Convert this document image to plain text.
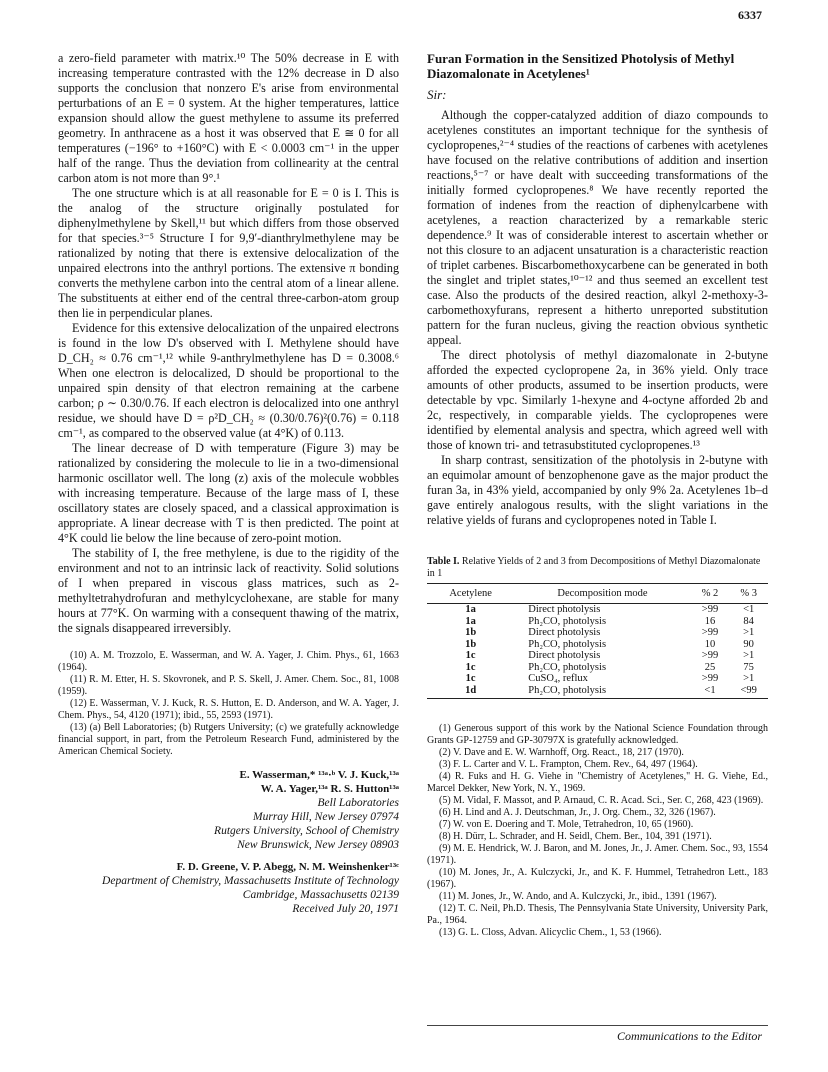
6337

a zero-field parameter with matrix.¹⁰ The 50% decrease in E with increasing temperature contrasted with the 12% decrease in D also supports the conclusion that nonzero E's arise from environmental perturbations of an E = 0 system. At the higher temperatures, lattice expansion should allow the guest methylene to assume its preferred geometry. In anthracene as a host it was observed that E ≅ 0 for all temperatures (−196° to +160°C) with E < 0.0003 cm⁻¹ in the upper half of the range. Thus the deviation from collinearity at the central carbon atom is not more than 9°.¹

The one structure which is at all reasonable for E = 0 is I. This is the analog of the structure originally postulated for diphenylmethylene by Skell,¹¹ but which differs from those observed for that species.³⁻⁵ Structure I for 9,9′-dianthrylmethylene may be rationalized by noting that there is extensive delocalization of the unpaired electrons into the anthryl portions. The extensive π bonding converts the methylene carbon into the central atom of a linear allene. The substituents at either end of the central three-carbon-atom group then lie in perpendicular planes.

Evidence for this extensive delocalization of the unpaired electrons is found in the low D's observed with I. Methylene should have D_CH₂ ≈ 0.76 cm⁻¹,¹² while 9-anthrylmethylene has D = 0.3008.⁶ When one electron is delocalized, D should be proportional to the unpaired spin density of that electron remaining at the carbene carbon; ρ ∼ 0.30/0.76. If each electron is delocalized into one anthryl residue, we should have D = ρ²D_CH₂ ≈ (0.30/0.76)²(0.76) = 0.118 cm⁻¹, as compared to the observed value (at 4°K) of 0.113.

The linear decrease of D with temperature (Figure 3) may be rationalized by considering the molecule to lie in a two-dimensional harmonic oscillator well. The long (z) axis of the molecule wobbles with increasing temperature. Because of the large mass of I, these oscillatory states are closely spaced, and a classical approximation is appropriate. A linear decrease with T is then predicted. The point at 4°K could lie below the line because of zero-point motion.

The stability of I, the free methylene, is due to the rigidity of the environment and not to an intrinsic lack of reactivity. Solid solutions of I when prepared in viscous glass matrices, such as 2-methyltetrahydrofuran and methylcyclohexane, are stable for many hours at 77°K. On warming with a consequent thawing of the matrix, the signals disappeared irreversibly.

(10) A. M. Trozzolo, E. Wasserman, and W. A. Yager, J. Chim. Phys., 61, 1663 (1964).
(11) R. M. Etter, H. S. Skovronek, and P. S. Skell, J. Amer. Chem. Soc., 81, 1008 (1959).
(12) E. Wasserman, V. J. Kuck, R. S. Hutton, E. D. Anderson, and W. A. Yager, J. Chem. Phys., 54, 4120 (1971); ibid., 55, 2593 (1971).
(13) (a) Bell Laboratories; (b) Rutgers University; (c) we gratefully acknowledge financial support, in part, from the Petroleum Research Fund, administered by the American Chemical Society.
E. Wasserman,* ¹³ᵃ·ᵇ V. J. Kuck,¹³ᵃ
W. A. Yager,¹³ᵃ R. S. Hutton¹³ᵃ
Bell Laboratories
Murray Hill, New Jersey 07974
Rutgers University, School of Chemistry
New Brunswick, New Jersey 08903
F. D. Greene, V. P. Abegg, N. M. Weinshenker¹³ᶜ
Department of Chemistry, Massachusetts Institute of Technology
Cambridge, Massachusetts 02139
Received July 20, 1971
Furan Formation in the Sensitized Photolysis of Methyl Diazomalonate in Acetylenes¹
Sir:

Although the copper-catalyzed addition of diazo compounds to acetylenes constitutes an important technique for the synthesis of cyclopropenes,²⁻⁴ studies of the reactions of carbenes with acetylenes have focused on the relative contributions of addition and insertion reactions,⁵⁻⁷ or have dealt with succeeding transformations of the initially formed cyclopropenes.⁸ We have recently reported the formation of indenes from the reaction of diphenylcarbene with acetylenes, a reaction characterized by a remarkable steric dependence.⁹ It was of considerable interest to ascertain whether or not this closure to an adjacent unsaturation is a characteristic reaction of triplet carbenes. Biscarbomethoxycarbene can be generated in both the singlet and triplet states,¹⁰⁻¹² and thus seemed an excellent test case. Also the products of the desired reaction, alkyl 2-methoxy-3-carbomethoxyfurans, represent a hitherto unreported substitution pattern for the furan nucleus, giving the reaction obvious synthetic appeal.

The direct photolysis of methyl diazomalonate in 2-butyne afforded the expected cyclopropene 2a, in 36% yield. Only trace amounts of other products, assumed to be insertion products, were detectable by vpc. Similarly 1-hexyne and 4-octyne afforded 2b and 2c, respectively, in comparable yields. The cyclopropenes were identified by elemental analysis and spectra, which agreed well with those of known tri- and tetrasubstituted cyclopropenes.¹³

In sharp contrast, sensitization of the photolysis in 2-butyne with an equimolar amount of benzophenone gave as the major product the furan 3a, in 43% yield, accompanied by only 9% 2a. Acetylenes 1b–d gave entirely analogous results, with the slight variations in the relative yields of furans and cyclopropenes noted in Table I.

Table I. Relative Yields of 2 and 3 from Decompositions of Methyl Diazomalonate in 1
Acetylene	Decomposition mode	% 2	% 3
1a	Direct photolysis	>99	<1
1a	Ph₂CO, photolysis	16	84
1b	Direct photolysis	>99	>1
1b	Ph₂CO, photolysis	10	90
1c	Direct photolysis	>99	>1
1c	Ph₂CO, photolysis	25	75
1c	CuSO₄, reflux	>99	>1
1d	Ph₂CO, photolysis	<1	<99
(1) Generous support of this work by the National Science Foundation through Grants GP-12759 and GP-30797X is gratefully acknowledged.
(2) V. Dave and E. W. Warnhoff, Org. React., 18, 217 (1970).
(3) F. L. Carter and V. L. Frampton, Chem. Rev., 64, 497 (1964).
(4) R. Fuks and H. G. Viehe in "Chemistry of Acetylenes," H. G. Viehe, Ed., Marcel Dekker, New York, N. Y., 1969.
(5) M. Vidal, F. Massot, and P. Arnaud, C. R. Acad. Sci., Ser. C, 268, 423 (1969).
(6) H. Lind and A. J. Deutschman, Jr., J. Org. Chem., 32, 326 (1967).
(7) W. von E. Doering and T. Mole, Tetrahedron, 10, 65 (1960).
(8) H. Dürr, L. Schrader, and H. Seidl, Chem. Ber., 104, 391 (1971).
(9) M. E. Hendrick, W. J. Baron, and M. Jones, Jr., J. Amer. Chem. Soc., 93, 1554 (1971).
(10) M. Jones, Jr., A. Kulczycki, Jr., and K. F. Hummel, Tetrahedron Lett., 183 (1967).
(11) M. Jones, Jr., W. Ando, and A. Kulczycki, Jr., ibid., 1391 (1967).
(12) T. C. Neil, Ph.D. Thesis, The Pennsylvania State University, University Park, Pa., 1964.
(13) G. L. Closs, Advan. Alicyclic Chem., 1, 53 (1966).
Communications to the Editor
